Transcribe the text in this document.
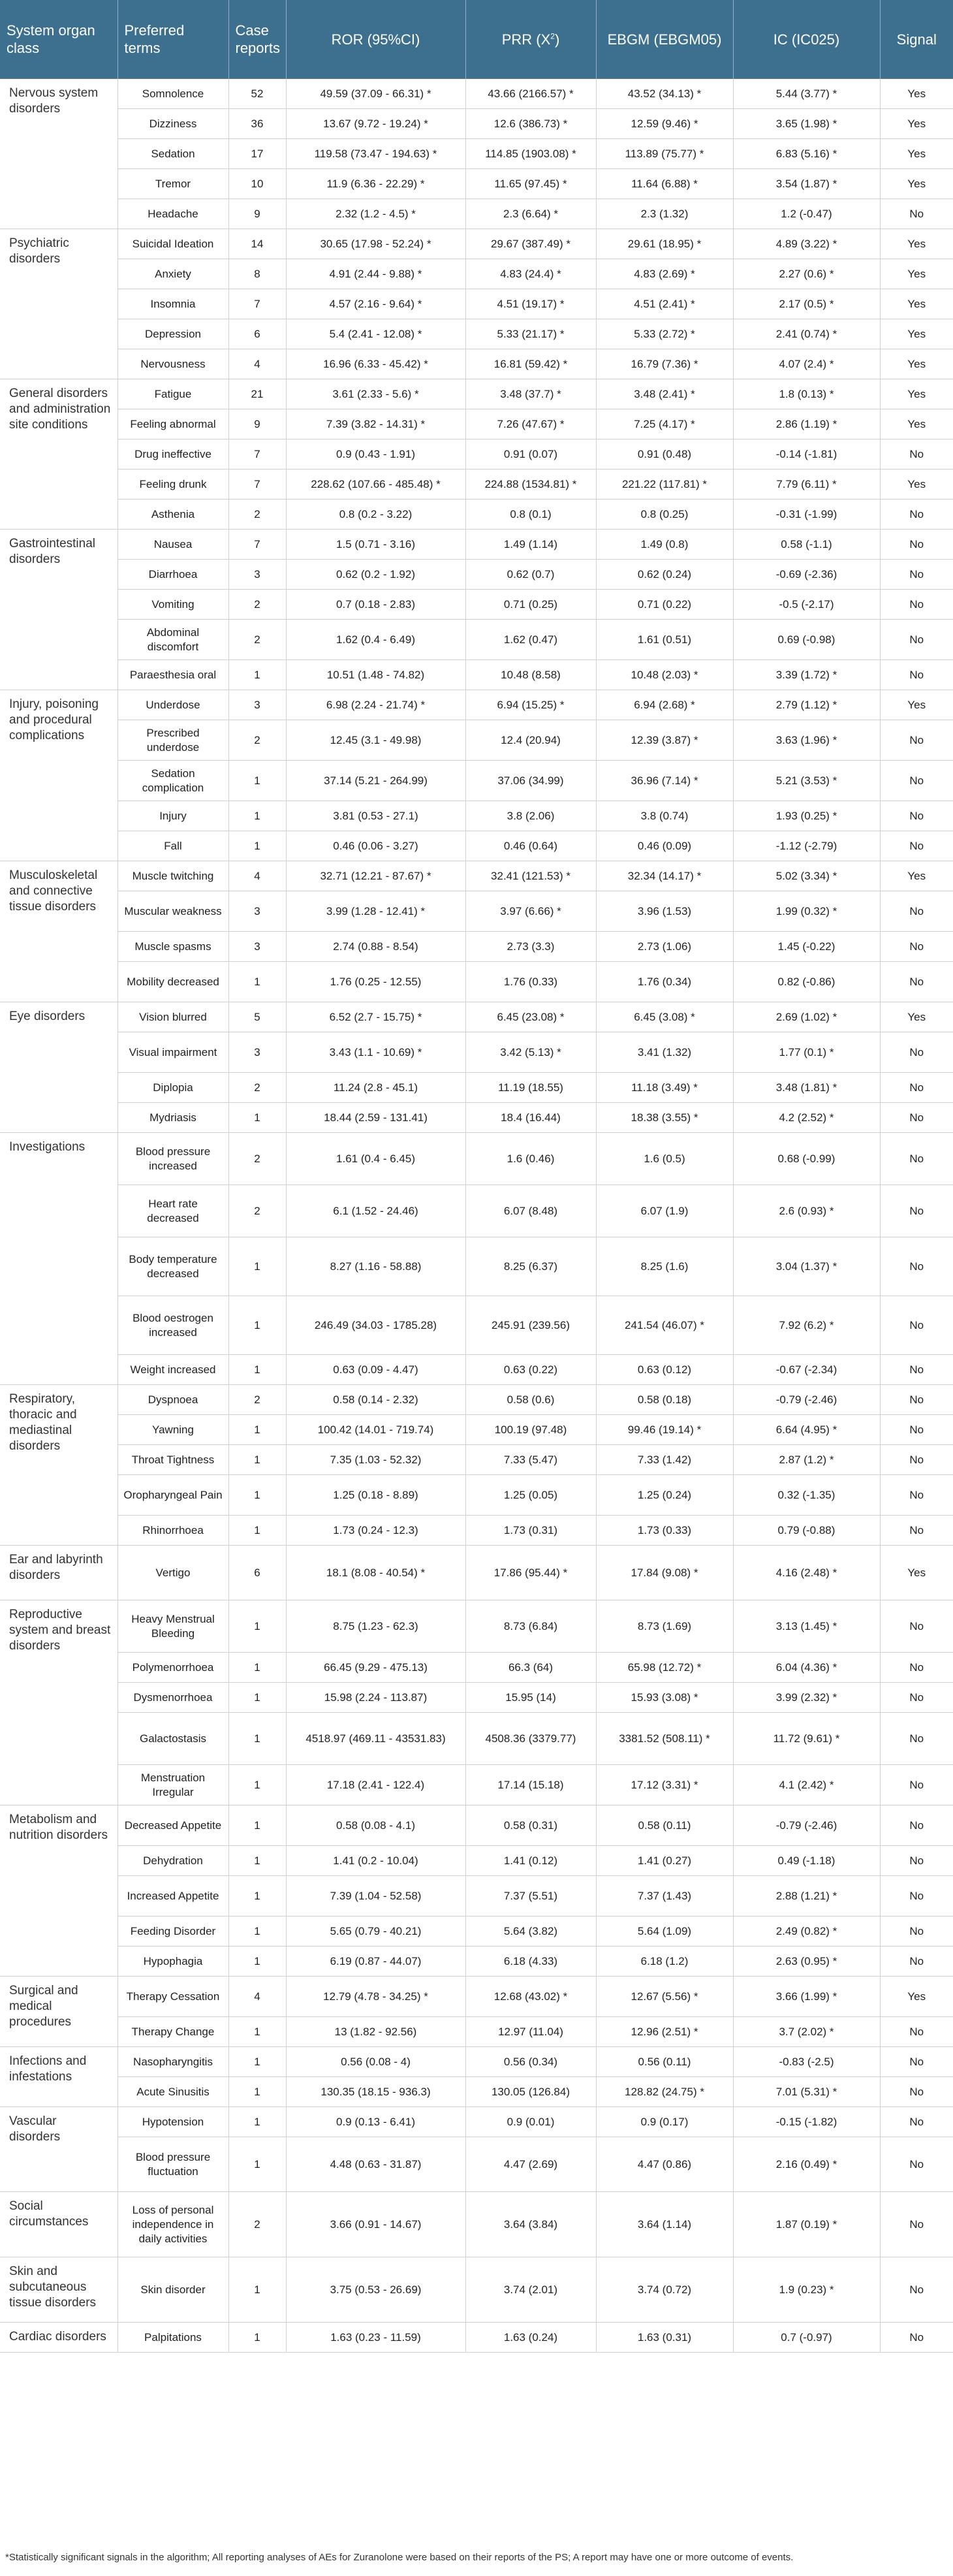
System organ class	Preferred terms	Case reports	ROR (95%CI)	PRR $(X^2)$	EBGM (EBGM05)	IC (IC025)	Signal

Nervous system disorders	Somnolence	52	49.59 (37.09 - 66.31) *	43.66 (2166.57) *	43.52 (34.13) *	5.44 (3.77) *	Yes
	Dizziness	36	13.67 (9.72 - 19.24) *	12.6 (386.73) *	12.59 (9.46) *	3.65 (1.98) *	Yes
	Sedation	17	119.58 (73.47 - 194.63) *	114.85 (1903.08) *	113.89 (75.77) *	6.83 (5.16) *	Yes
	Tremor	10	11.9 (6.36 - 22.29) *	11.65 (97.45) *	11.64 (6.88) *	3.54 (1.87) *	Yes
	Headache	9	2.32 (1.2 - 4.5) *	2.3 (6.64) *	2.3 (1.32)	1.2 (-0.47)	No

Psychiatric disorders	Suicidal Ideation	14	30.65 (17.98 - 52.24) *	29.67 (387.49) *	29.61 (18.95) *	4.89 (3.22) *	Yes
	Anxiety	8	4.91 (2.44 - 9.88) *	4.83 (24.4) *	4.83 (2.69) *	2.27 (0.6) *	Yes
	Insomnia	7	4.57 (2.16 - 9.64) *	4.51 (19.17) *	4.51 (2.41) *	2.17 (0.5) *	Yes
	Depression	6	5.4 (2.41 - 12.08) *	5.33 (21.17) *	5.33 (2.72) *	2.41 (0.74) *	Yes
	Nervousness	4	16.96 (6.33 - 45.42) *	16.81 (59.42) *	16.79 (7.36) *	4.07 (2.4) *	Yes

General disorders and administration site conditions	Fatigue	21	3.61 (2.33 - 5.6) *	3.48 (37.7) *	3.48 (2.41) *	1.8 (0.13) *	Yes
	Feeling abnormal	9	7.39 (3.82 - 14.31) *	7.26 (47.67) *	7.25 (4.17) *	2.86 (1.19) *	Yes
	Drug ineffective	7	0.9 (0.43 - 1.91)	0.91 (0.07)	0.91 (0.48)	-0.14 (-1.81)	No
	Feeling drunk	7	228.62 (107.66 - 485.48) *	224.88 (1534.81) *	221.22 (117.81) *	7.79 (6.11) *	Yes
	Asthenia	2	0.8 (0.2 - 3.22)	0.8 (0.1)	0.8 (0.25)	-0.31 (-1.99)	No

Gastrointestinal disorders	Nausea	7	1.5 (0.71 - 3.16)	1.49 (1.14)	1.49 (0.8)	0.58 (-1.1)	No
	Diarrhoea	3	0.62 (0.2 - 1.92)	0.62 (0.7)	0.62 (0.24)	-0.69 (-2.36)	No
	Vomiting	2	0.7 (0.18 - 2.83)	0.71 (0.25)	0.71 (0.22)	-0.5 (-2.17)	No
	Abdominal discomfort	2	1.62 (0.4 - 6.49)	1.62 (0.47)	1.61 (0.51)	0.69 (-0.98)	No
	Paraesthesia oral	1	10.51 (1.48 - 74.82)	10.48 (8.58)	10.48 (2.03) *	3.39 (1.72) *	No

Injury, poisoning and procedural complications	Underdose	3	6.98 (2.24 - 21.74) *	6.94 (15.25) *	6.94 (2.68) *	2.79 (1.12) *	Yes
	Prescribed underdose	2	12.45 (3.1 - 49.98)	12.4 (20.94)	12.39 (3.87) *	3.63 (1.96) *	No
	Sedation complication	1	37.14 (5.21 - 264.99)	37.06 (34.99)	36.96 (7.14) *	5.21 (3.53) *	No
	Injury	1	3.81 (0.53 - 27.1)	3.8 (2.06)	3.8 (0.74)	1.93 (0.25) *	No
	Fall	1	0.46 (0.06 - 3.27)	0.46 (0.64)	0.46 (0.09)	-1.12 (-2.79)	No

Musculoskeletal and connective tissue disorders	Muscle twitching	4	32.71 (12.21 - 87.67) *	32.41 (121.53) *	32.34 (14.17) *	5.02 (3.34) *	Yes
	Muscular weakness	3	3.99 (1.28 - 12.41) *	3.97 (6.66) *	3.96 (1.53)	1.99 (0.32) *	No
	Muscle spasms	3	2.74 (0.88 - 8.54)	2.73 (3.3)	2.73 (1.06)	1.45 (-0.22)	No
	Mobility decreased	1	1.76 (0.25 - 12.55)	1.76 (0.33)	1.76 (0.34)	0.82 (-0.86)	No

Eye disorders	Vision blurred	5	6.52 (2.7 - 15.75) *	6.45 (23.08) *	6.45 (3.08) *	2.69 (1.02) *	Yes
	Visual impairment	3	3.43 (1.1 - 10.69) *	3.42 (5.13) *	3.41 (1.32)	1.77 (0.1) *	No
	Diplopia	2	11.24 (2.8 - 45.1)	11.19 (18.55)	11.18 (3.49) *	3.48 (1.81) *	No
	Mydriasis	1	18.44 (2.59 - 131.41)	18.4 (16.44)	18.38 (3.55) *	4.2 (2.52) *	No

Investigations	Blood pressure increased	2	1.61 (0.4 - 6.45)	1.6 (0.46)	1.6 (0.5)	0.68 (-0.99)	No
	Heart rate decreased	2	6.1 (1.52 - 24.46)	6.07 (8.48)	6.07 (1.9)	2.6 (0.93) *	No
	Body temperature decreased	1	8.27 (1.16 - 58.88)	8.25 (6.37)	8.25 (1.6)	3.04 (1.37) *	No
	Blood oestrogen increased	1	246.49 (34.03 - 1785.28)	245.91 (239.56)	241.54 (46.07) *	7.92 (6.2) *	No
	Weight increased	1	0.63 (0.09 - 4.47)	0.63 (0.22)	0.63 (0.12)	-0.67 (-2.34)	No

Respiratory, thoracic and mediastinal disorders	Dyspnoea	2	0.58 (0.14 - 2.32)	0.58 (0.6)	0.58 (0.18)	-0.79 (-2.46)	No
	Yawning	1	100.42 (14.01 - 719.74)	100.19 (97.48)	99.46 (19.14) *	6.64 (4.95) *	No
	Throat Tightness	1	7.35 (1.03 - 52.32)	7.33 (5.47)	7.33 (1.42)	2.87 (1.2) *	No
	Oropharyngeal Pain	1	1.25 (0.18 - 8.89)	1.25 (0.05)	1.25 (0.24)	0.32 (-1.35)	No
	Rhinorrhoea	1	1.73 (0.24 - 12.3)	1.73 (0.31)	1.73 (0.33)	0.79 (-0.88)	No

Ear and labyrinth disorders	Vertigo	6	18.1 (8.08 - 40.54) *	17.86 (95.44) *	17.84 (9.08) *	4.16 (2.48) *	Yes

Reproductive system and breast disorders	Heavy Menstrual Bleeding	1	8.75 (1.23 - 62.3)	8.73 (6.84)	8.73 (1.69)	3.13 (1.45) *	No
	Polymenorrhoea	1	66.45 (9.29 - 475.13)	66.3 (64)	65.98 (12.72) *	6.04 (4.36) *	No
	Dysmenorrhoea	1	15.98 (2.24 - 113.87)	15.95 (14)	15.93 (3.08) *	3.99 (2.32) *	No
	Galactostasis	1	4518.97 (469.11 - 43531.83)	4508.36 (3379.77)	3381.52 (508.11) *	11.72 (9.61) *	No
	Menstruation Irregular	1	17.18 (2.41 - 122.4)	17.14 (15.18)	17.12 (3.31) *	4.1 (2.42) *	No

Metabolism and nutrition disorders	Decreased Appetite	1	0.58 (0.08 - 4.1)	0.58 (0.31)	0.58 (0.11)	-0.79 (-2.46)	No
	Dehydration	1	1.41 (0.2 - 10.04)	1.41 (0.12)	1.41 (0.27)	0.49 (-1.18)	No
	Increased Appetite	1	7.39 (1.04 - 52.58)	7.37 (5.51)	7.37 (1.43)	2.88 (1.21) *	No
	Feeding Disorder	1	5.65 (0.79 - 40.21)	5.64 (3.82)	5.64 (1.09)	2.49 (0.82) *	No
	Hypophagia	1	6.19 (0.87 - 44.07)	6.18 (4.33)	6.18 (1.2)	2.63 (0.95) *	No

Surgical and medical procedures	Therapy Cessation	4	12.79 (4.78 - 34.25) *	12.68 (43.02) *	12.67 (5.56) *	3.66 (1.99) *	Yes
	Therapy Change	1	13 (1.82 - 92.56)	12.97 (11.04)	12.96 (2.51) *	3.7 (2.02) *	No

Infections and infestations	Nasopharyngitis	1	0.56 (0.08 - 4)	0.56 (0.34)	0.56 (0.11)	-0.83 (-2.5)	No
	Acute Sinusitis	1	130.35 (18.15 - 936.3)	130.05 (126.84)	128.82 (24.75) *	7.01 (5.31) *	No

Vascular disorders	Hypotension	1	0.9 (0.13 - 6.41)	0.9 (0.01)	0.9 (0.17)	-0.15 (-1.82)	No
	Blood pressure fluctuation	1	4.48 (0.63 - 31.87)	4.47 (2.69)	4.47 (0.86)	2.16 (0.49) *	No

Social circumstances	Loss of personal independence in daily activities	2	3.66 (0.91 - 14.67)	3.64 (3.84)	3.64 (1.14)	1.87 (0.19) *	No

Skin and subcutaneous tissue disorders	Skin disorder	1	3.75 (0.53 - 26.69)	3.74 (2.01)	3.74 (0.72)	1.9 (0.23) *	No

Cardiac disorders	Palpitations	1	1.63 (0.23 - 11.59)	1.63 (0.24)	1.63 (0.31)	0.7 (-0.97)	No
*Statistically significant signals in the algorithm; All reporting analyses of AEs for Zuranolone were based on their reports of the PS; A report may have one or more outcome of events.
